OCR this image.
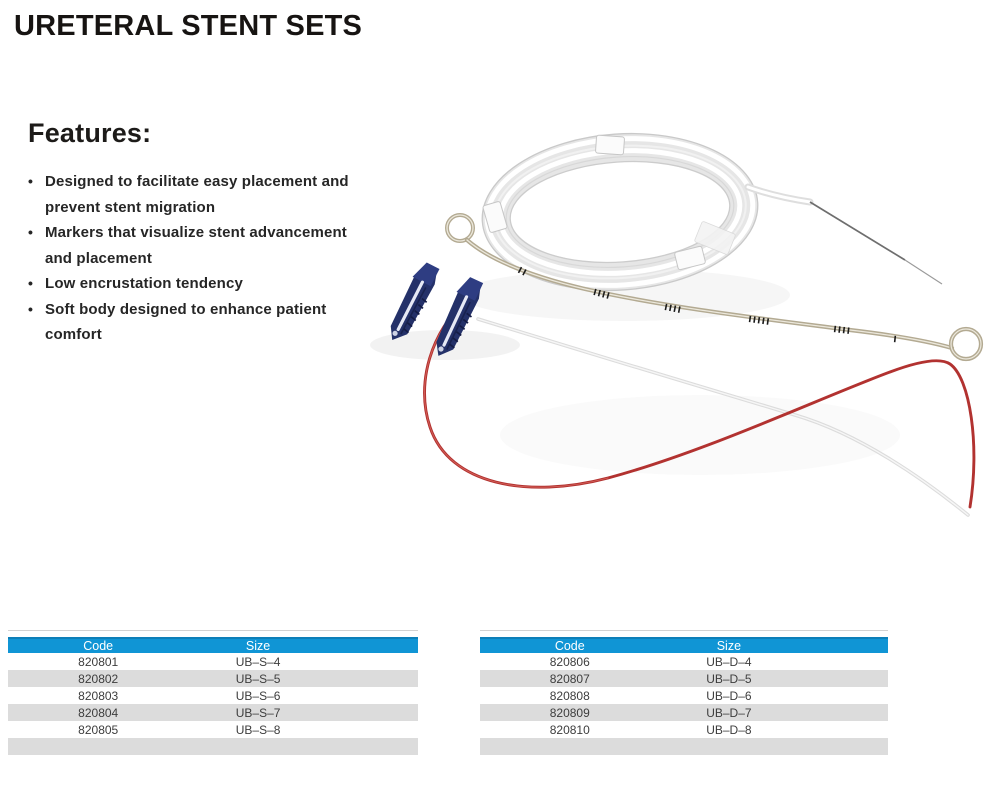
URETERAL STENT SETS
Features:
• Designed to facilitate easy placement and
prevent stent migration
• Markers that visualize stent advancement
and placement
• Low encrustation tendency
• Soft body designed to enhance patient
comfort
Code	Size	
820801	UB–S–4	
820802	UB–S–5	
820803	UB–S–6	
820804	UB–S–7	
820805	UB–S–8	

Code	Size	
820806	UB–D–4	
820807	UB–D–5	
820808	UB–D–6	
820809	UB–D–7	
820810	UB–D–8	
